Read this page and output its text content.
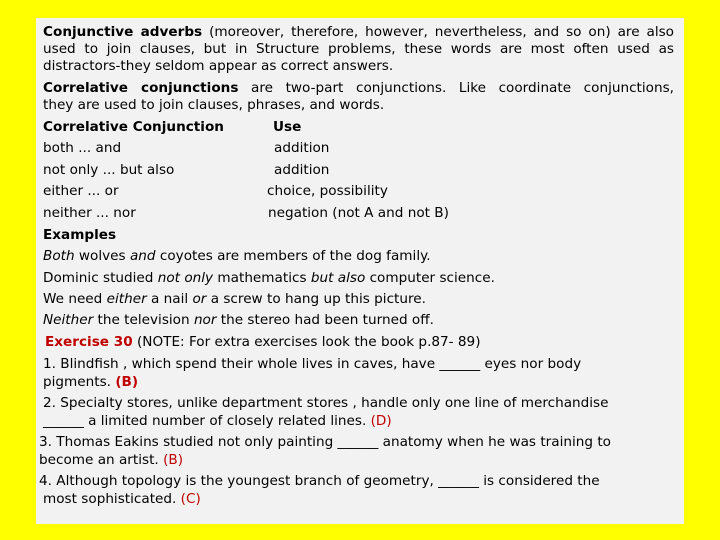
Conjunctive adverbs (moreover, therefore, however, nevertheless, and so on) are also
used to join clauses, but in Structure problems, these words are most often used as
distractors-they seldom appear as correct answers.
Correlative conjunctions are two-part conjunctions. Like coordinate conjunctions,
they are used to join clauses, phrases, and words.
Correlative Conjunction	Use
both ... and	addition
not only ... but also	addition
either ... or	choice, possibility
neither ... nor	negation (not A and not B)
Examples
Both wolves and coyotes are members of the dog family.
Dominic studied not only mathematics but also computer science.
We need either a nail or a screw to hang up this picture.
Neither the television nor the stereo had been turned off.
Exercise 30 (NOTE: For extra exercises look the book p.87- 89)
1. Blindfish , which spend their whole lives in caves, have ______ eyes nor body
pigments. (B)
2. Specialty stores, unlike department stores , handle only one line of merchandise
______ a limited number of closely related lines. (D)
3. Thomas Eakins studied not only painting ______ anatomy when he was training to
become an artist. (B)
4. Although topology is the youngest branch of geometry, ______ is considered the
most sophisticated. (C)
